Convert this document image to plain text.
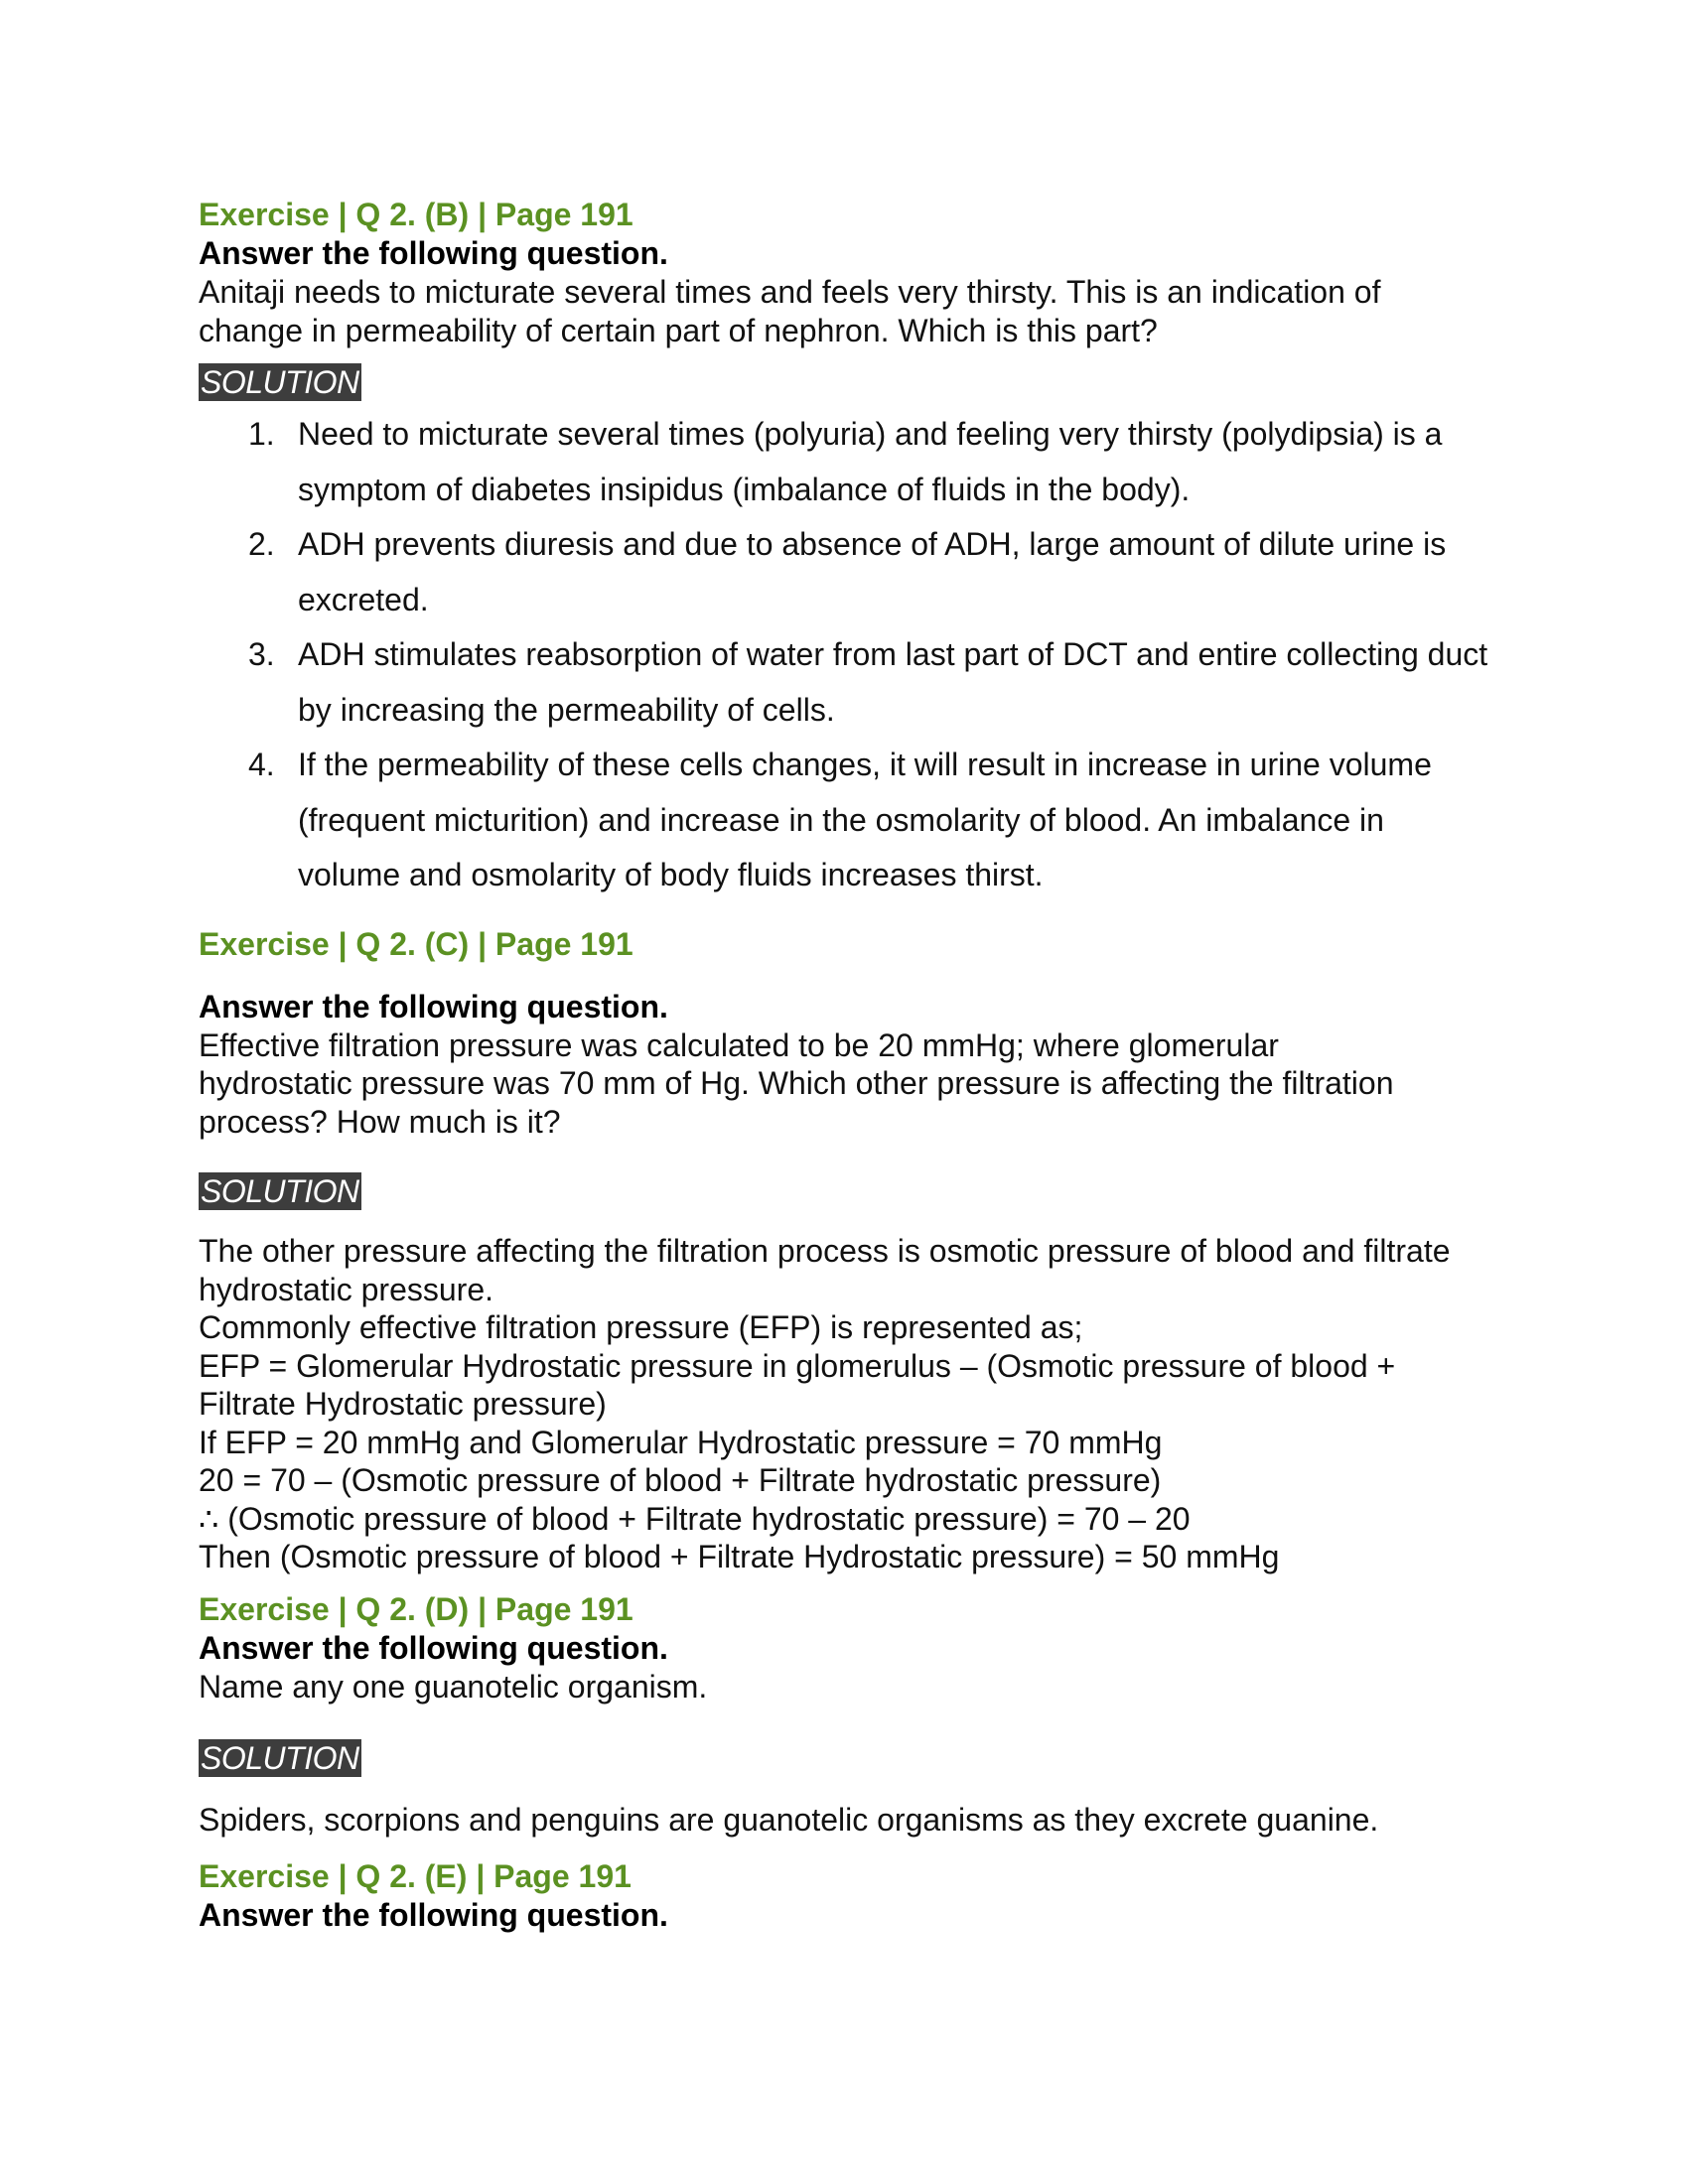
Exercise | Q 2. (B) | Page 191

Answer the following question.

Anitaji needs to micturate several times and feels very thirsty. This is an indication of change in permeability of certain part of nephron. Which is this part?

SOLUTION
1. Need to micturate several times (polyuria) and feeling very thirsty (polydipsia) is a symptom of diabetes insipidus (imbalance of fluids in the body).
2. ADH prevents diuresis and due to absence of ADH, large amount of dilute urine is excreted.
3. ADH stimulates reabsorption of water from last part of DCT and entire collecting duct by increasing the permeability of cells.
4. If the permeability of these cells changes, it will result in increase in urine volume (frequent micturition) and increase in the osmolarity of blood. An imbalance in volume and osmolarity of body fluids increases thirst.

Exercise | Q 2. (C) | Page 191

Answer the following question.

Effective filtration pressure was calculated to be 20 mmHg; where glomerular hydrostatic pressure was 70 mm of Hg. Which other pressure is affecting the filtration process? How much is it?

SOLUTION

The other pressure affecting the filtration process is osmotic pressure of blood and filtrate hydrostatic pressure.

Commonly effective filtration pressure (EFP) is represented as;

EFP = Glomerular Hydrostatic pressure in glomerulus – (Osmotic pressure of blood + Filtrate Hydrostatic pressure)

If EFP = 20 mmHg and Glomerular Hydrostatic pressure = 70 mmHg

20 = 70 – (Osmotic pressure of blood + Filtrate hydrostatic pressure)

∴ (Osmotic pressure of blood + Filtrate hydrostatic pressure) = 70 – 20

Then (Osmotic pressure of blood + Filtrate Hydrostatic pressure) = 50 mmHg

Exercise | Q 2. (D) | Page 191

Answer the following question.

Name any one guanotelic organism.

SOLUTION

Spiders, scorpions and penguins are guanotelic organisms as they excrete guanine.

Exercise | Q 2. (E) | Page 191

Answer the following question.
